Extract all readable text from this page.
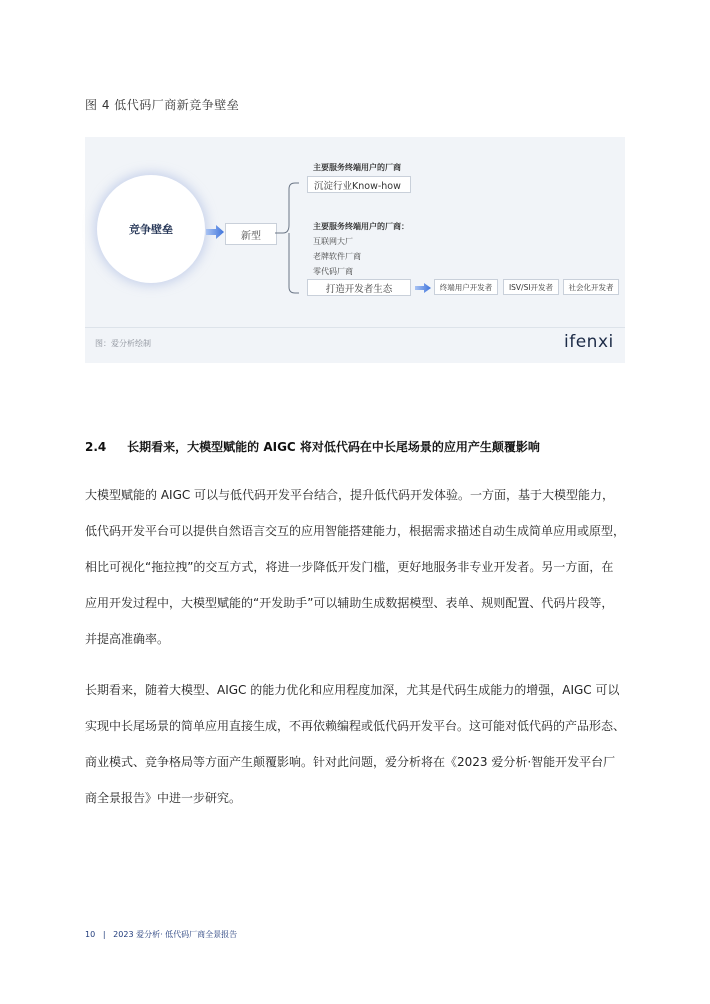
图 4 低代码厂商新竞争壁垒
竞争壁垒	新型
主要服务终端用户的厂商
沉淀行业Know-how
主要服务终端用户的厂商：
互联网大厂
老牌软件厂商
零代码厂商
打造开发者生态	终端用户开发者	ISV/SI开发者	社会化开发者
图：爱分析绘制	ifenxi
2.4 长期看来，大模型赋能的 AIGC 将对低代码在中长尾场景的应用产生颠覆影响
大模型赋能的 AIGC 可以与低代码开发平台结合，提升低代码开发体验。一方面，基于大模型能力，
低代码开发平台可以提供自然语言交互的应用智能搭建能力，根据需求描述自动生成简单应用或原型，
相比可视化“拖拉拽”的交互方式，将进一步降低开发门槛，更好地服务非专业开发者。另一方面，在
应用开发过程中，大模型赋能的“开发助手”可以辅助生成数据模型、表单、规则配置、代码片段等，
并提高准确率。
长期看来，随着大模型、AIGC 的能力优化和应用程度加深，尤其是代码生成能力的增强，AIGC 可以
实现中长尾场景的简单应用直接生成，不再依赖编程或低代码开发平台。这可能对低代码的产品形态、
商业模式、竞争格局等方面产生颠覆影响。针对此问题，爱分析将在《2023 爱分析·智能开发平台厂
商全景报告》中进一步研究。
10 | 2023 爱分析· 低代码厂商全景报告
